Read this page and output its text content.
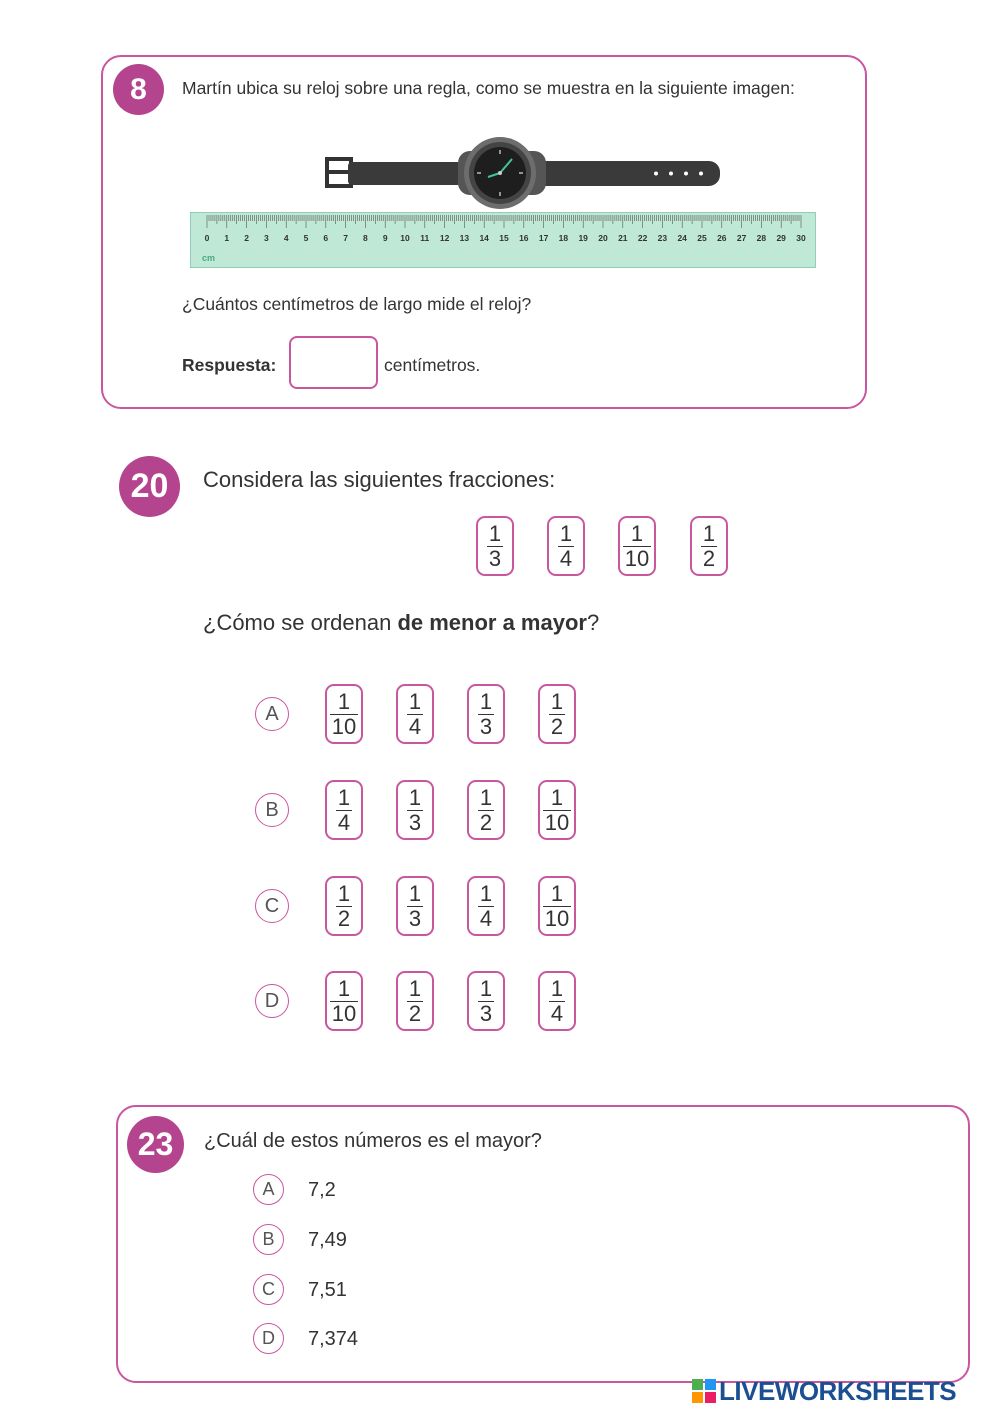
8	Martín ubica su reloj sobre una regla, como se muestra en la siguiente imagen:
0 1 2 3 4 5 6 7 8 9 10 11 12 13 14 15 16 17 18 19 20 21 22 23 24 25 26 27 28 29 30
cm
¿Cuántos centímetros de largo mide el reloj?
Respuesta:	centímetros.
20	Considera las siguientes fracciones:
$\frac{1}{3} \frac{1}{4} \frac{1}{10} \frac{1}{2}$
¿Cómo se ordenan de menor a mayor?
A	$\frac{1}{10} \frac{1}{4} \frac{1}{3} \frac{1}{2}$
B	$\frac{1}{4} \frac{1}{3} \frac{1}{2} \frac{1}{10}$
C	$\frac{1}{2} \frac{1}{3} \frac{1}{4} \frac{1}{10}$
D	$\frac{1}{10} \frac{1}{2} \frac{1}{3} \frac{1}{4}$
23	¿Cuál de estos números es el mayor?
A	7,2
B	7,49
C	7,51
D	7,374
LIVEWORKSHEETS
